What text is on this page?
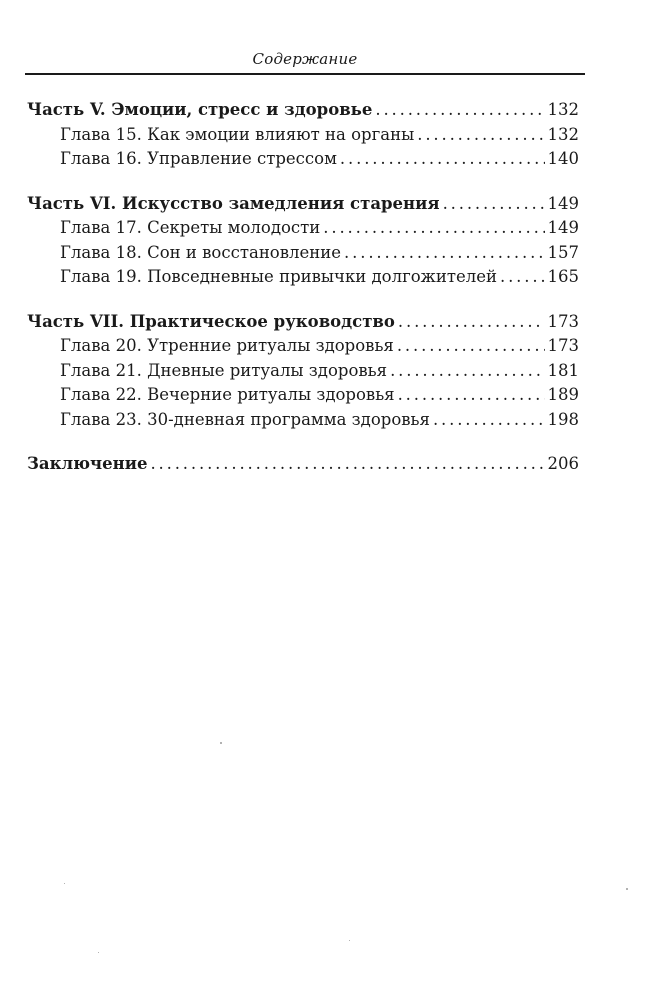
Содержание
Часть V. Эмоции, стресс и здоровье . . .	132
Глава 15. Как эмоции влияют на органы . . .	132
Глава 16. Управление стрессом . . .	140
Часть VI. Искусство замедления старения . . .	149
Глава 17. Секреты молодости . . .	149
Глава 18. Сон и восстановление . . .	157
Глава 19. Повседневные привычки долгожителей . . .	165
Часть VII. Практическое руководство . . .	173
Глава 20. Утренние ритуалы здоровья . . .	173
Глава 21. Дневные ритуалы здоровья . . .	181
Глава 22. Вечерние ритуалы здоровья . . .	189
Глава 23. 30-дневная программа здоровья . . .	198
Заключение . . .	206
